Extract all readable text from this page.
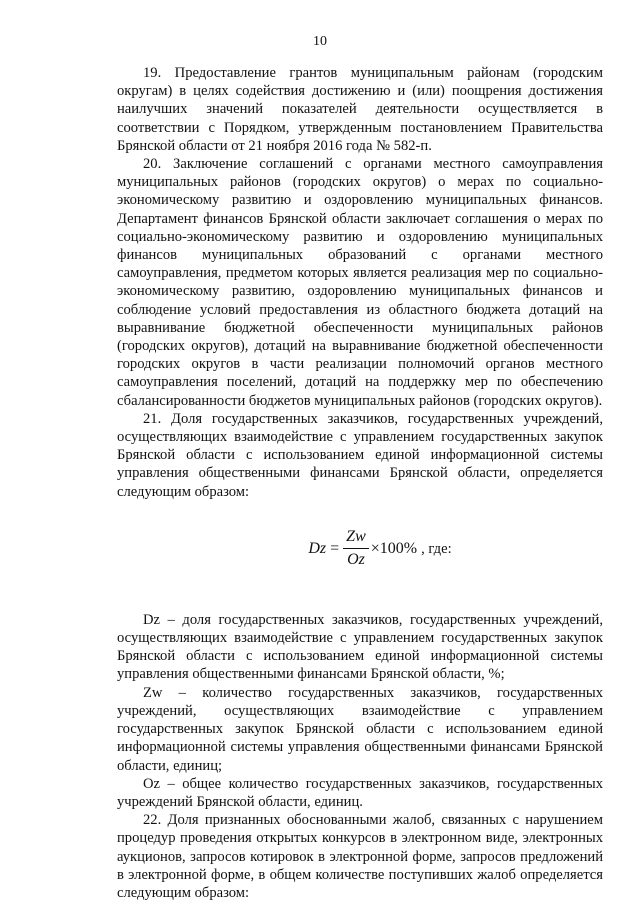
10

19. Предоставление грантов муниципальным районам (городским округам) в целях содействия достижению и (или) поощрения достижения наилучших значений показателей деятельности осуществляется в соответствии с Порядком, утвержденным постановлением Правительства Брянской области от 21 ноября 2016 года № 582-п.

20. Заключение соглашений с органами местного самоуправления муниципальных районов (городских округов) о мерах по социально-экономическому развитию и оздоровлению муниципальных финансов. Департамент финансов Брянской области заключает соглашения о мерах по социально-экономическому развитию и оздоровлению муниципальных финансов муниципальных образований с органами местного самоуправления, предметом которых является реализация мер по социально-экономическому развитию, оздоровлению муниципальных финансов и соблюдение условий предоставления из областного бюджета дотаций на выравнивание бюджетной обеспеченности муниципальных районов (городских округов), дотаций на выравнивание бюджетной обеспеченности городских округов в части реализации полномочий органов местного самоуправления поселений, дотаций на поддержку мер по обеспечению сбалансированности бюджетов муниципальных районов (городских округов).

21. Доля государственных заказчиков, государственных учреждений, осуществляющих взаимодействие с управлением государственных закупок Брянской области с использованием единой информационной системы управления общественными финансами Брянской области, определяется следующим образом:

$Dz = \frac{Zw}{Oz} \times 100\%$ , где:

Dz – доля государственных заказчиков, государственных учреждений, осуществляющих взаимодействие с управлением государственных закупок Брянской области с использованием единой информационной системы управления общественными финансами Брянской области, %;

Zw – количество государственных заказчиков, государственных учреждений, осуществляющих взаимодействие с управлением государственных закупок Брянской области с использованием единой информационной системы управления общественными финансами Брянской области, единиц;

Oz – общее количество государственных заказчиков, государственных учреждений Брянской области, единиц.

22. Доля признанных обоснованными жалоб, связанных с нарушением процедур проведения открытых конкурсов в электронном виде, электронных аукционов, запросов котировок в электронной форме, запросов предложений в электронной форме, в общем количестве поступивших жалоб определяется следующим образом:
